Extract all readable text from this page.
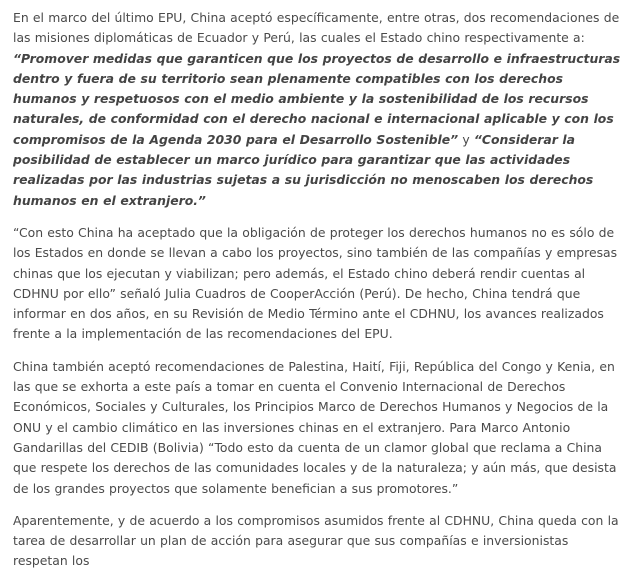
En el marco del último EPU, China aceptó específicamente, entre otras, dos recomendaciones de las misiones diplomáticas de Ecuador y Perú, las cuales el Estado chino respectivamente a: “Promover medidas que garanticen que los proyectos de desarrollo e infraestructuras dentro y fuera de su territorio sean plenamente compatibles con los derechos humanos y respetuosos con el medio ambiente y la sostenibilidad de los recursos naturales, de conformidad con el derecho nacional e internacional aplicable y con los compromisos de la Agenda 2030 para el Desarrollo Sostenible” y “Considerar la posibilidad de establecer un marco jurídico para garantizar que las actividades realizadas por las industrias sujetas a su jurisdicción no menoscaben los derechos humanos en el extranjero.”

“Con esto China ha aceptado que la obligación de proteger los derechos humanos no es sólo de los Estados en donde se llevan a cabo los proyectos, sino también de las compañías y empresas chinas que los ejecutan y viabilizan; pero además, el Estado chino deberá rendir cuentas al CDHNU por ello” señaló Julia Cuadros de CooperAcción (Perú). De hecho, China tendrá que informar en dos años, en su Revisión de Medio Término ante el CDHNU, los avances realizados frente a la implementación de las recomendaciones del EPU.

China también aceptó recomendaciones de Palestina, Haití, Fiji, República del Congo y Kenia, en las que se exhorta a este país a tomar en cuenta el Convenio Internacional de Derechos Económicos, Sociales y Culturales, los Principios Marco de Derechos Humanos y Negocios de la ONU y el cambio climático en las inversiones chinas en el extranjero. Para Marco Antonio Gandarillas del CEDIB (Bolivia) “Todo esto da cuenta de un clamor global que reclama a China que respete los derechos de las comunidades locales y de la naturaleza; y aún más, que desista de los grandes proyectos que solamente benefician a sus promotores.”

Aparentemente, y de acuerdo a los compromisos asumidos frente al CDHNU, China queda con la tarea de desarrollar un plan de acción para asegurar que sus compañías e inversionistas respetan los
